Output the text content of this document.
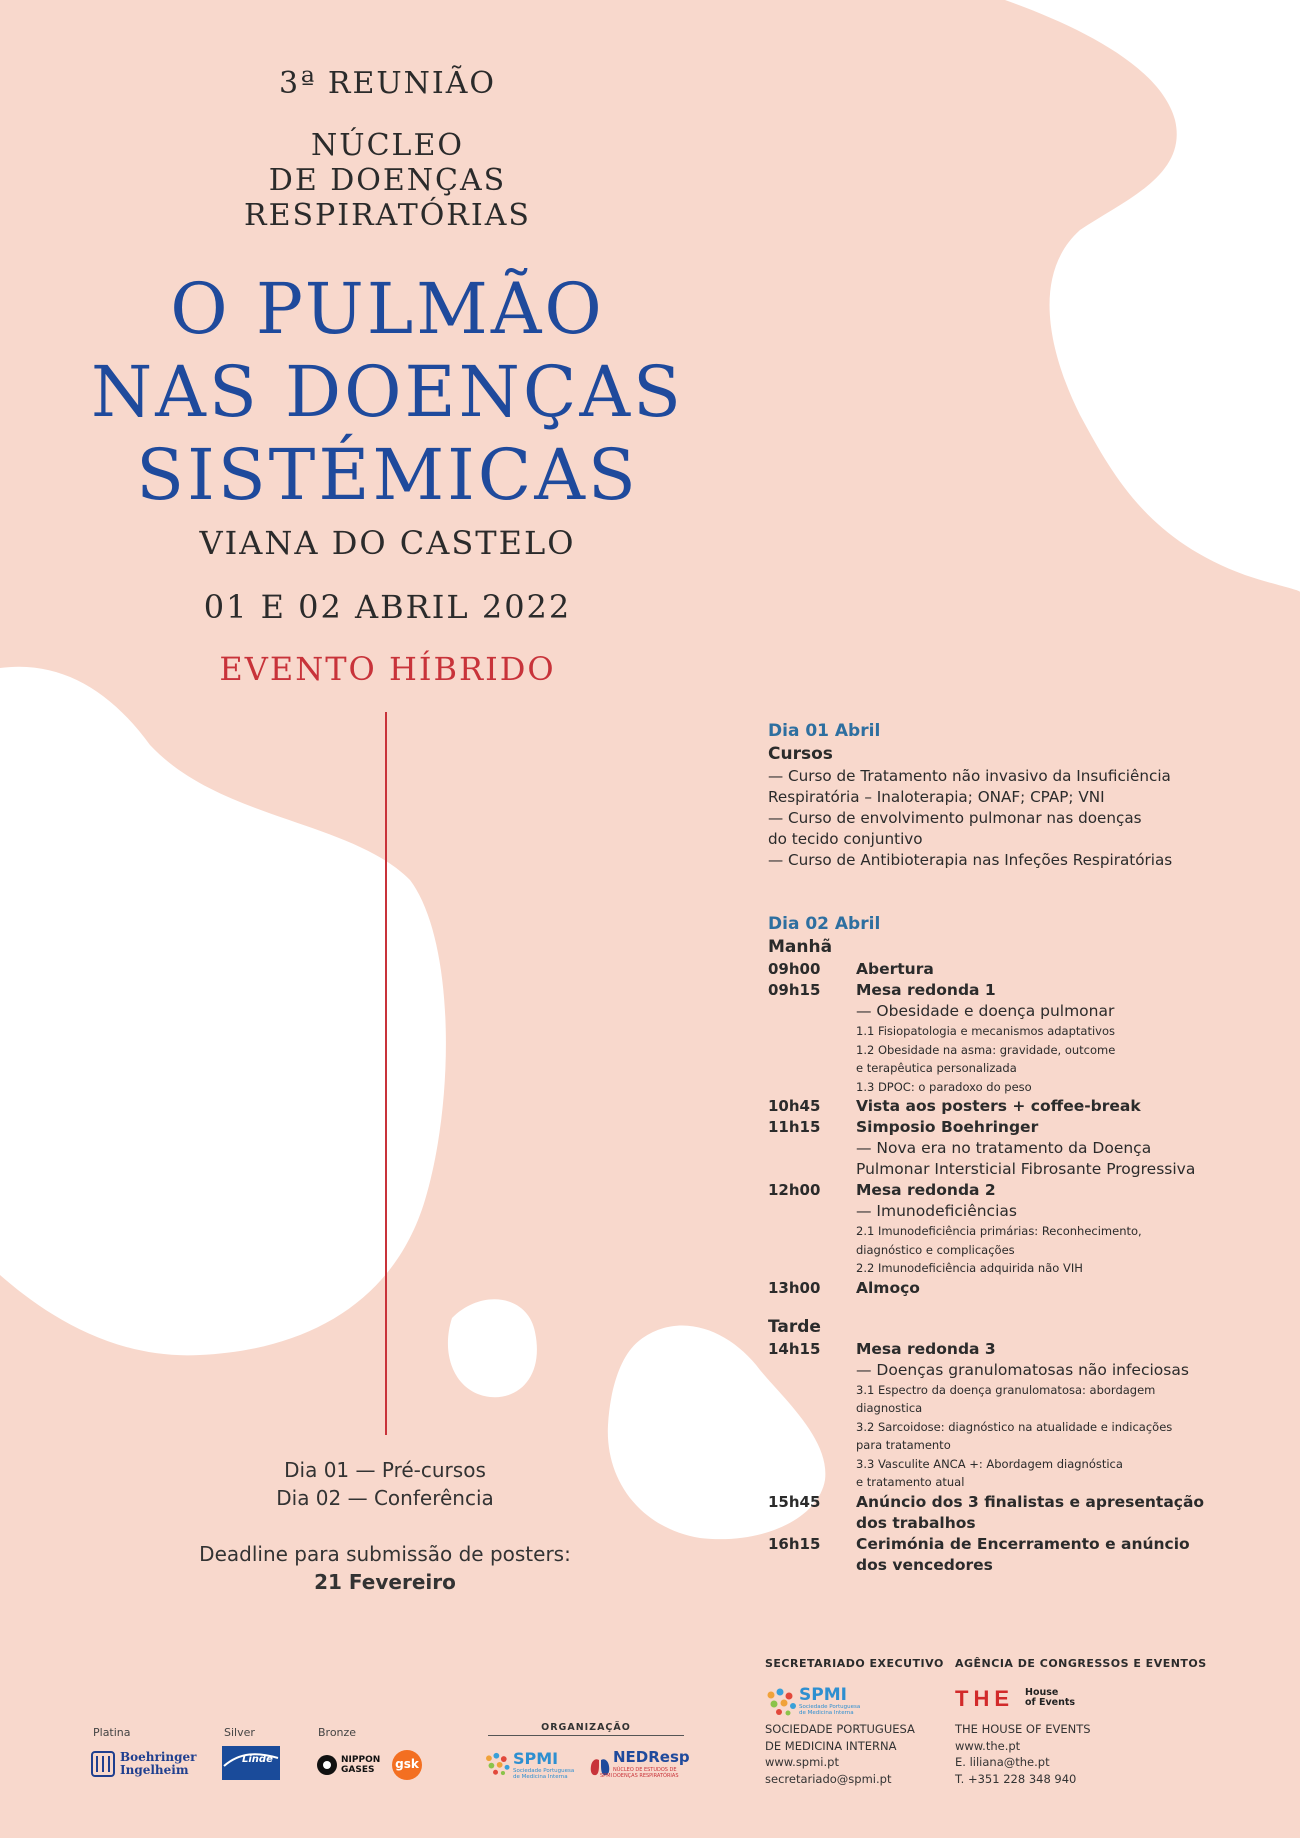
3ª REUNIÃO
NÚCLEO
DE DOENÇAS
RESPIRATÓRIAS
O PULMÃO
NAS DOENÇAS
SISTÉMICAS
VIANA DO CASTELO
01 E 02 ABRIL 2022
EVENTO HÍBRIDO
Dia 01 — Pré-cursos
Dia 02 — Conferência
Deadline para submissão de posters:
21 Fevereiro
Dia 01 Abril
Cursos
— Curso de Tratamento não invasivo da Insuficiência
Respiratória – Inaloterapia; ONAF; CPAP; VNI
— Curso de envolvimento pulmonar nas doenças
do tecido conjuntivo
— Curso de Antibioterapia nas Infeções Respiratórias
Dia 02 Abril
Manhã
09h00	Abertura
09h15	Mesa redonda 1
— Obesidade e doença pulmonar
1.1 Fisiopatologia e mecanismos adaptativos
1.2 Obesidade na asma: gravidade, outcome
e terapêutica personalizada
1.3 DPOC: o paradoxo do peso
10h45	Vista aos posters + coffee-break
11h15	Simposio Boehringer
— Nova era no tratamento da Doença
Pulmonar Intersticial Fibrosante Progressiva
12h00	Mesa redonda 2
— Imunodeficiências
2.1 Imunodeficiência primárias: Reconhecimento,
diagnóstico e complicações
2.2 Imunodeficiência adquirida não VIH
13h00	Almoço
Tarde
14h15	Mesa redonda 3
— Doenças granulomatosas não infeciosas
3.1 Espectro da doença granulomatosa: abordagem
diagnostica
3.2 Sarcoidose: diagnóstico na atualidade e indicações
para tratamento
3.3 Vasculite ANCA +: Abordagem diagnóstica
e tratamento atual
15h45	Anúncio dos 3 finalistas e apresentação
dos trabalhos
16h15	Cerimónia de Encerramento e anúncio
dos vencedores
SECRETARIADO EXECUTIVO
SPMI
Sociedade Portuguesa
de Medicina Interna
SOCIEDADE PORTUGUESA
DE MEDICINA INTERNA
www.spmi.pt
secretariado@spmi.pt
AGÊNCIA DE CONGRESSOS E EVENTOS
THE House
of Events
THE HOUSE OF EVENTS
www.the.pt
E. liliana@the.pt
T. +351 228 348 940
Platina	Silver	Bronze
Boehringer
Ingelheim
Linde	NIPPON
GASES	gsk
ORGANIZAÇÃO
SPMI
Sociedade Portuguesa
de Medicina Interna	SPMI
NEDResp
NÚCLEO DE ESTUDOS DE
DOENÇAS RESPIRATÓRIAS
